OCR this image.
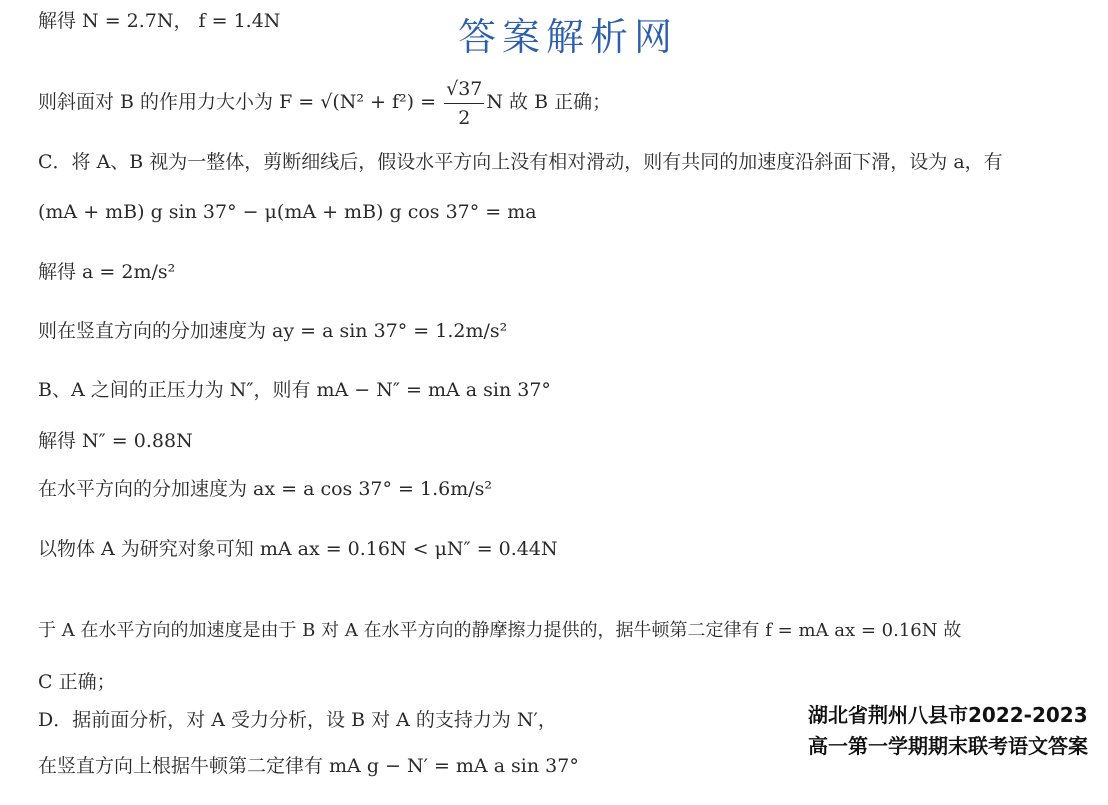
答案解析网
解得 N = 2.7N， f = 1.4N
则斜面对 B 的作用力大小为 $F = √(N^2 + f^2) = \frac{√37}{2}$ N 故 B 正确；
C．将 A、B 视为一整体，剪断细线后，假设水平方向上没有相对滑动，则有共同的加速度沿斜面下滑，设为 a，有
(mA + mB) g sin 37° − μ(mA + mB) g cos 37° = ma
解得 a = 2m/s²
则在竖直方向的分加速度为 ay = a sin 37° = 1.2m/s²
B、A 之间的正压力为 N″，则有 mA − N″ = mA a sin 37°
解得 N″ = 0.88N
在水平方向的分加速度为 ax = a cos 37° = 1.6m/s²
以物体 A 为研究对象可知 mA ax = 0.16N < μN″ = 0.44N
于 A 在水平方向的加速度是由于 B 对 A 在水平方向的静摩擦力提供的，据牛顿第二定律有 f = mA ax = 0.16N 故
C 正确；
D．据前面分析，对 A 受力分析，设 B 对 A 的支持力为 N′，
在竖直方向上根据牛顿第二定律有 mA g − N′ = mA a sin 37°
湖北省荆州八县市2022-2023高一第一学期期末联考语文答案
